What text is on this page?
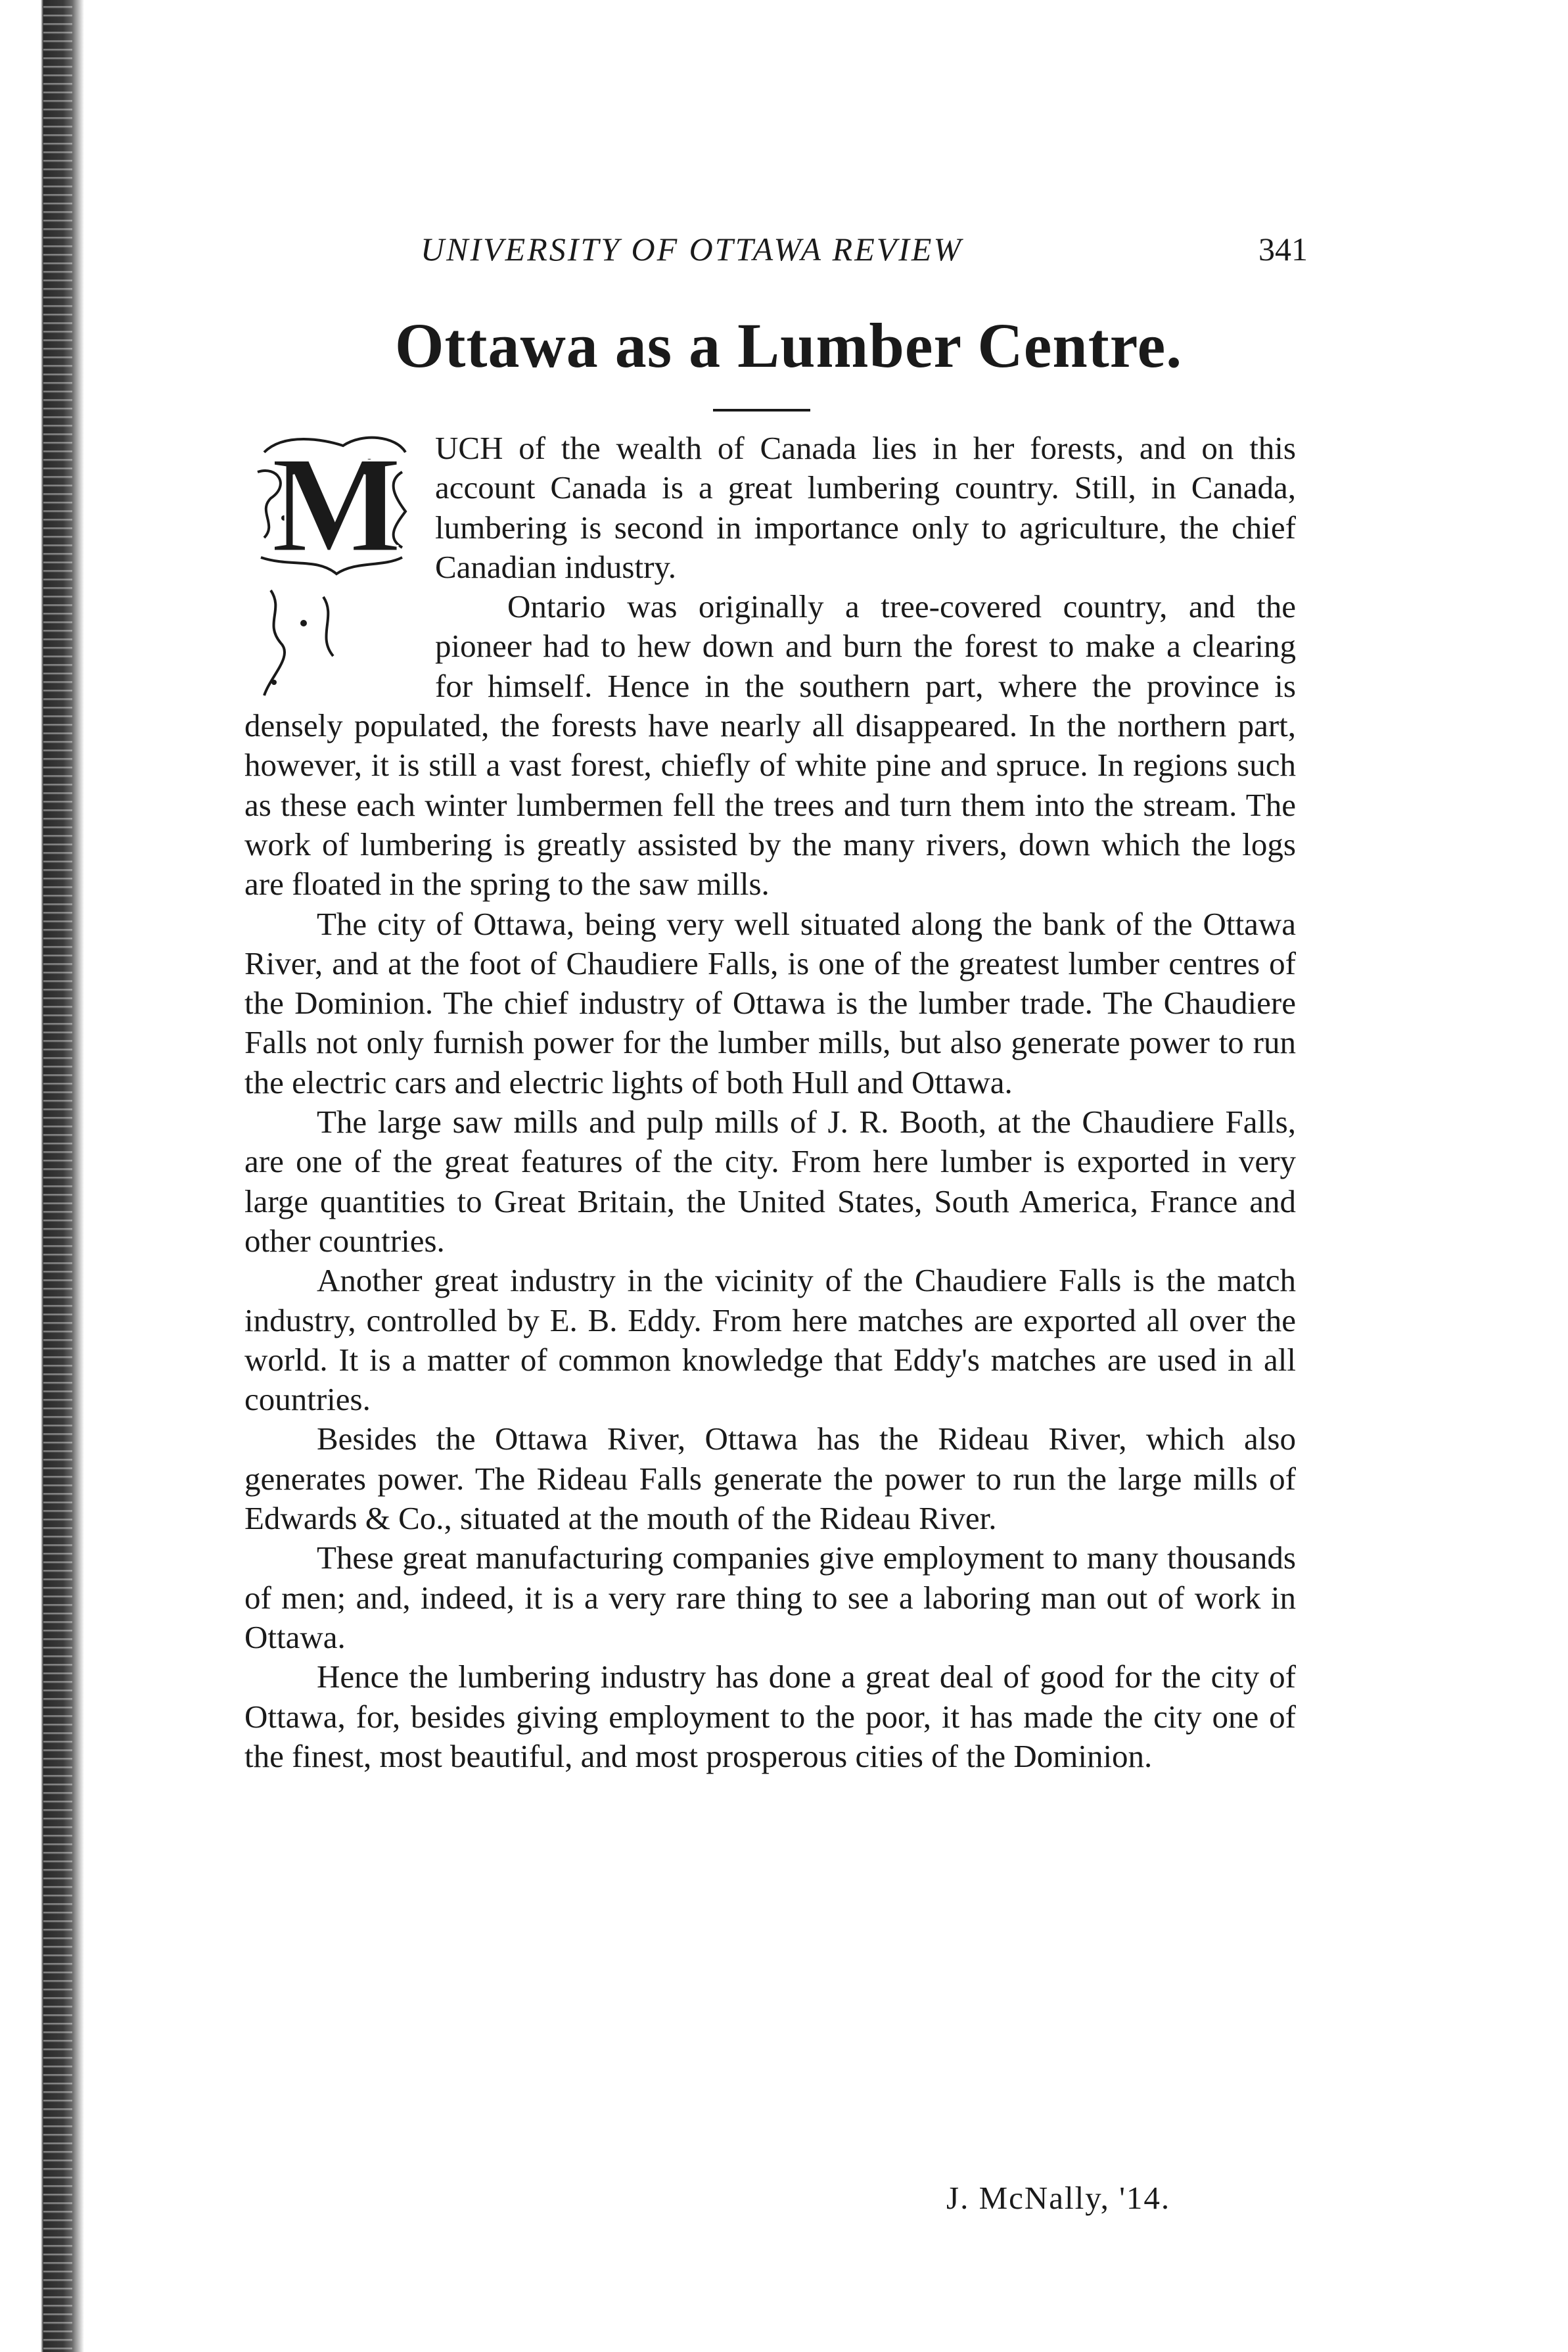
UNIVERSITY OF OTTAWA REVIEW	341
Ottawa as a Lumber Centre.
M	UCH of the wealth of Canada lies in her forests, and on this account Canada is a great lumbering country. Still, in Canada, lumbering is second in importance only to agriculture, the chief Canadian industry.

Ontario was originally a tree-covered country, and the pioneer had to hew down and burn the forest to make a clearing for himself. Hence in the southern part, where the province is densely populated, the forests have nearly all disappeared. In the northern part, however, it is still a vast forest, chiefly of white pine and spruce. In regions such as these each winter lumbermen fell the trees and turn them into the stream. The work of lumbering is greatly assisted by the many rivers, down which the logs are floated in the spring to the saw mills.

The city of Ottawa, being very well situated along the bank of the Ottawa River, and at the foot of Chaudiere Falls, is one of the greatest lumber centres of the Dominion. The chief industry of Ottawa is the lumber trade. The Chaudiere Falls not only furnish power for the lumber mills, but also generate power to run the electric cars and electric lights of both Hull and Ottawa.

The large saw mills and pulp mills of J. R. Booth, at the Chaudiere Falls, are one of the great features of the city. From here lumber is exported in very large quantities to Great Britain, the United States, South America, France and other countries.

Another great industry in the vicinity of the Chaudiere Falls is the match industry, controlled by E. B. Eddy. From here matches are exported all over the world. It is a matter of common knowledge that Eddy's matches are used in all countries.

Besides the Ottawa River, Ottawa has the Rideau River, which also generates power. The Rideau Falls generate the power to run the large mills of Edwards & Co., situated at the mouth of the Rideau River.

These great manufacturing companies give employment to many thousands of men; and, indeed, it is a very rare thing to see a laboring man out of work in Ottawa.

Hence the lumbering industry has done a great deal of good for the city of Ottawa, for, besides giving employment to the poor, it has made the city one of the finest, most beautiful, and most prosperous cities of the Dominion.

J. McNally, '14.
